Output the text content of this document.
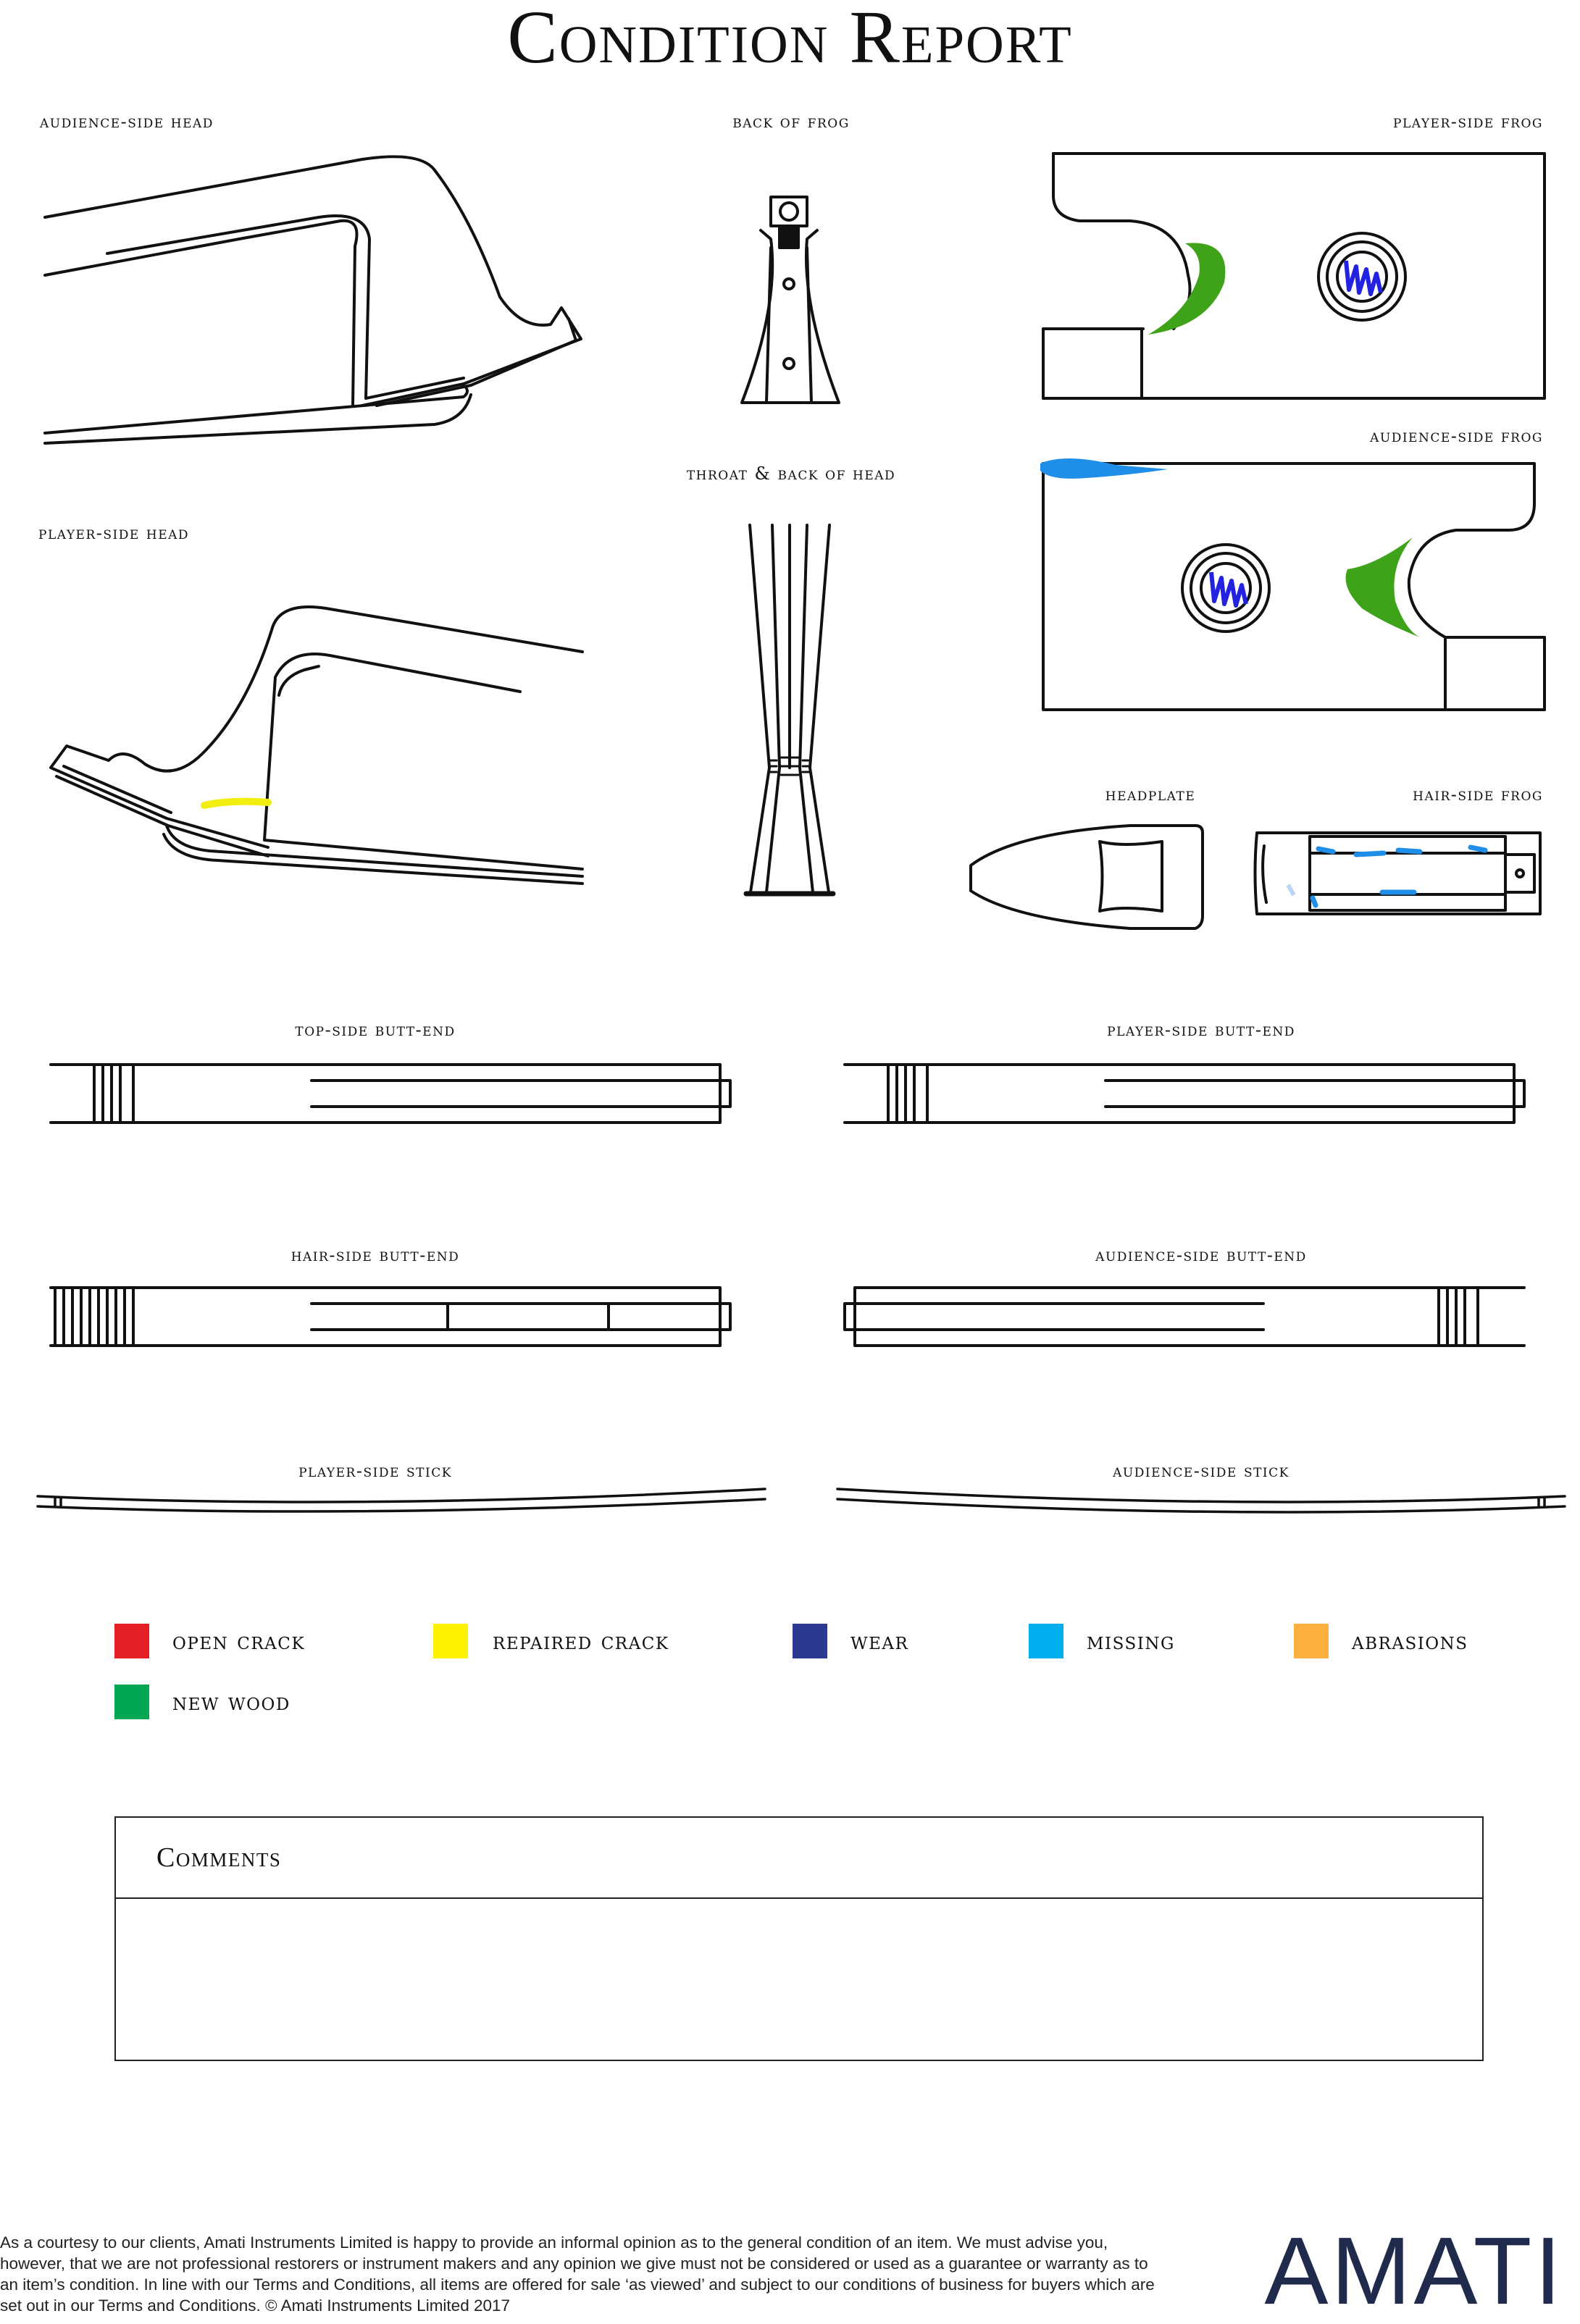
Condition Report
audience-side head	back of frog	player-side frog
throat & back of head
audience-side frog
player-side head
headplate	hair-side frog
top-side butt-end	player-side butt-end
hair-side butt-end	audience-side butt-end
player-side stick	audience-side stick
open crack	repaired crack	wear	missing	abrasions
new wood
Comments
As a courtesy to our clients, Amati Instruments Limited is happy to provide an informal opinion as to the general condition of an item. We must advise you, however, that we are not professional restorers or instrument makers and any opinion we give must not be considered or used as a guarantee or warranty as to an item’s condition. In line with our Terms and Conditions, all items are offered for sale ‘as viewed’ and subject to our conditions of business for buyers which are set out in our Terms and Conditions. © Amati Instruments Limited 2017	AMATI
